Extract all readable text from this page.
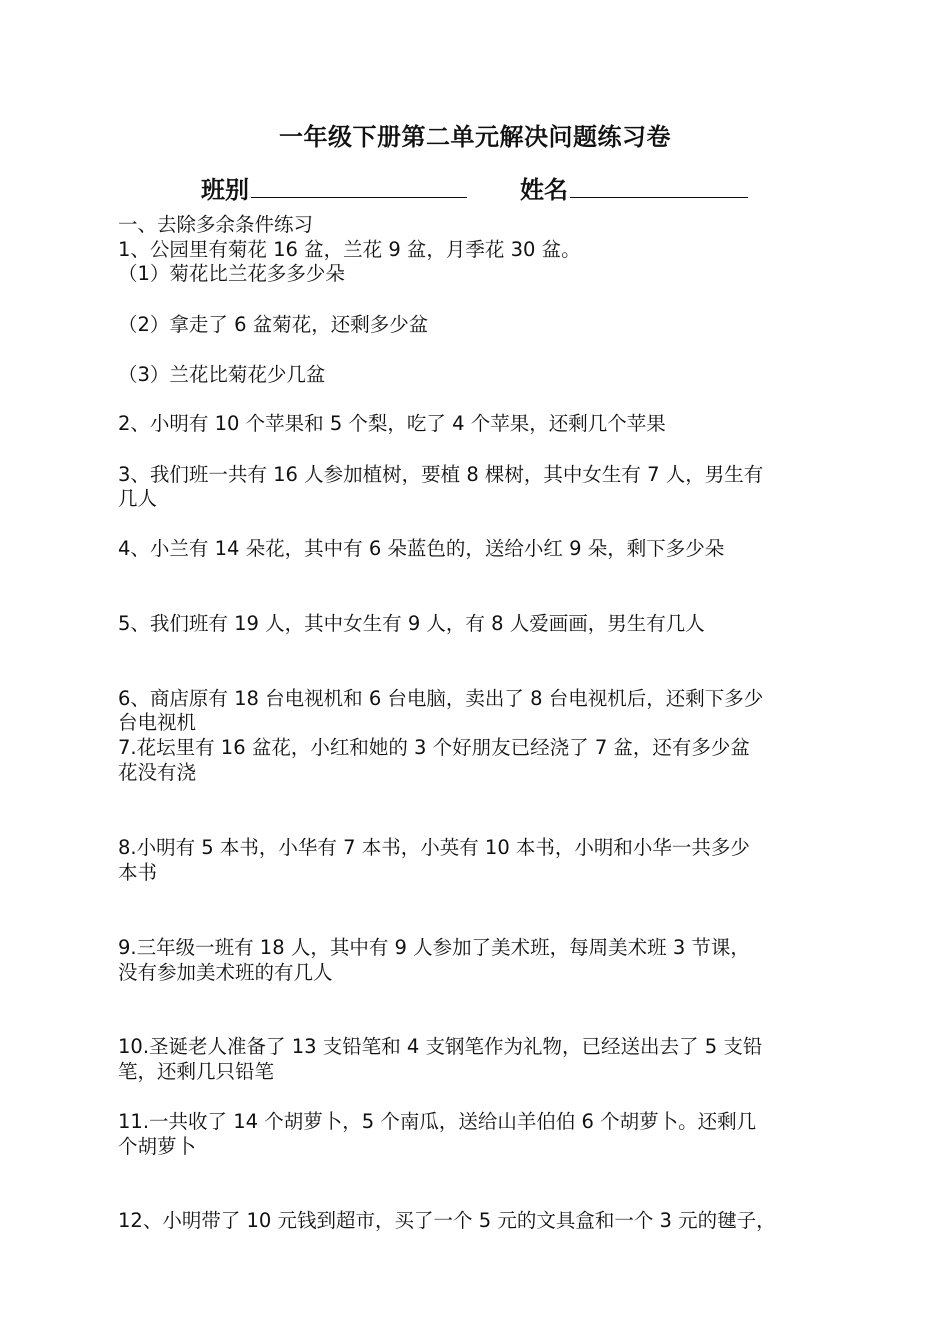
一年级下册第二单元解决问题练习卷
班别	姓名
一、去除多余条件练习
1、公园里有菊花 16 盆，兰花 9 盆，月季花 30 盆。
（1）菊花比兰花多多少朵
（2）拿走了 6 盆菊花，还剩多少盆
（3）兰花比菊花少几盆
2、小明有 10 个苹果和 5 个梨，吃了 4 个苹果，还剩几个苹果
3、我们班一共有 16 人参加植树，要植 8 棵树，其中女生有 7 人，男生有
几人
4、小兰有 14 朵花，其中有 6 朵蓝色的，送给小红 9 朵，剩下多少朵
5、我们班有 19 人，其中女生有 9 人，有 8 人爱画画，男生有几人
6、商店原有 18 台电视机和 6 台电脑，卖出了 8 台电视机后，还剩下多少
台电视机
7.花坛里有 16 盆花，小红和她的 3 个好朋友已经浇了 7 盆，还有多少盆
花没有浇
8.小明有 5 本书，小华有 7 本书，小英有 10 本书，小明和小华一共多少
本书
9.三年级一班有 18 人，其中有 9 人参加了美术班，每周美术班 3 节课，
没有参加美术班的有几人
10.圣诞老人准备了 13 支铅笔和 4 支钢笔作为礼物，已经送出去了 5 支铅
笔，还剩几只铅笔
11.一共收了 14 个胡萝卜，5 个南瓜，送给山羊伯伯 6 个胡萝卜。还剩几
个胡萝卜
12、小明带了 10 元钱到超市，买了一个 5 元的文具盒和一个 3 元的毽子，
